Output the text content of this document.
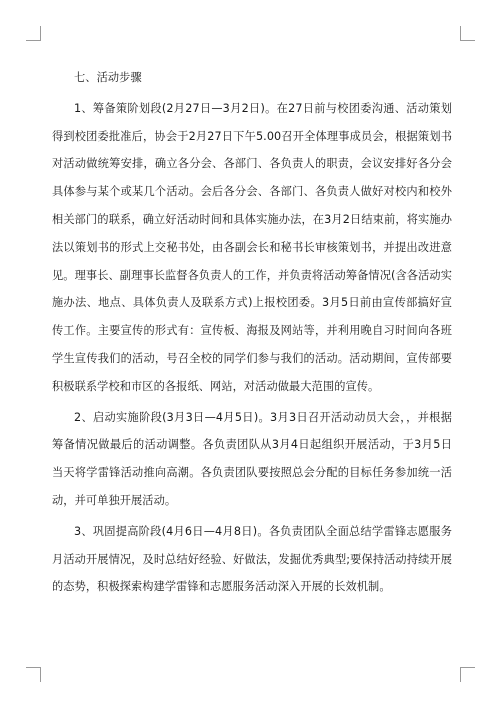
七、活动步骤

1、筹备策阶划段(2月27日—3月2日)。在27日前与校团委沟通、活动策划得到校团委批准后，协会于2月27日下午5.00召开全体理事成员会，根据策划书对活动做统筹安排，确立各分会、各部门、各负责人的职责，会议安排好各分会具体参与某个或某几个活动。会后各分会、各部门、各负责人做好对校内和校外相关部门的联系，确立好活动时间和具体实施办法，在3月2日结束前，将实施办法以策划书的形式上交秘书处，由各副会长和秘书长审核策划书，并提出改进意见。理事长、副理事长监督各负责人的工作，并负责将活动筹备情况(含各活动实施办法、地点、具体负责人及联系方式)上报校团委。3月5日前由宣传部搞好宣传工作。主要宣传的形式有：宣传板、海报及网站等，并利用晚自习时间向各班学生宣传我们的活动，号召全校的同学们参与我们的活动。活动期间，宣传部要积极联系学校和市区的各报纸、网站，对活动做最大范围的宣传。

2、启动实施阶段(3月3日—4月5日)。3月3日召开活动动员大会，，并根据筹备情况做最后的活动调整。各负责团队从3月4日起组织开展活动，于3月5日当天将学雷锋活动推向高潮。各负责团队要按照总会分配的目标任务参加统一活动，并可单独开展活动。

3、巩固提高阶段(4月6日—4月8日)。各负责团队全面总结学雷锋志愿服务月活动开展情况，及时总结好经验、好做法，发掘优秀典型;要保持活动持续开展的态势，积极探索构建学雷锋和志愿服务活动深入开展的长效机制。
